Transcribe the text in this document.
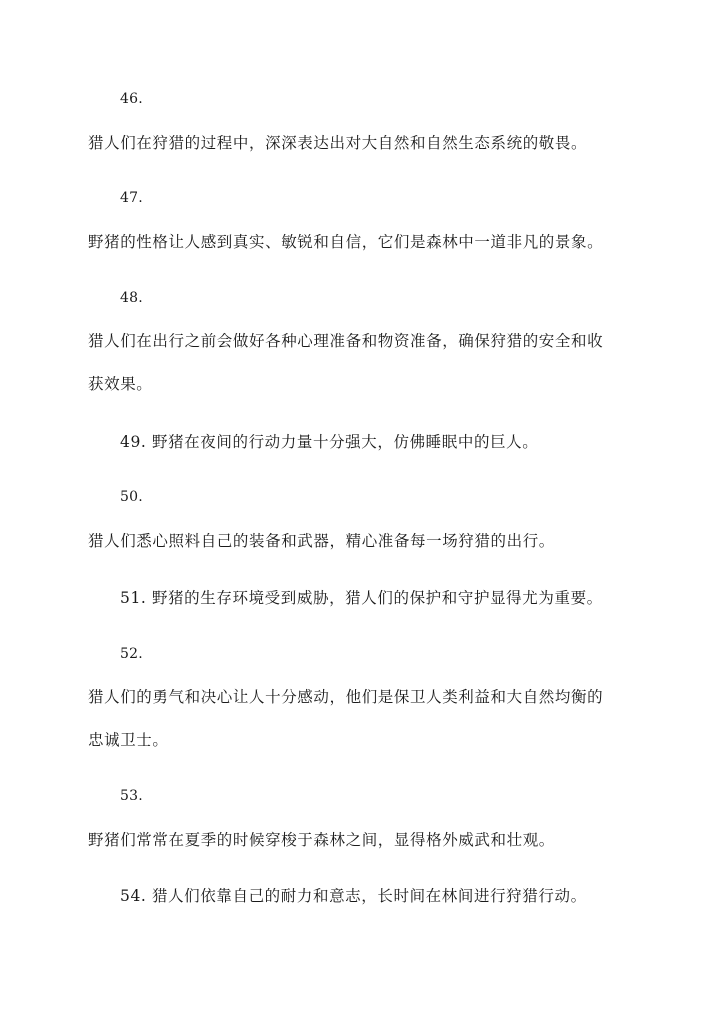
46.
猎人们在狩猎的过程中，深深表达出对大自然和自然生态系统的敬畏。
47.
野猪的性格让人感到真实、敏锐和自信，它们是森林中一道非凡的景象。
48.
猎人们在出行之前会做好各种心理准备和物资准备，确保狩猎的安全和收
获效果。
49. 野猪在夜间的行动力量十分强大，仿佛睡眠中的巨人。
50.
猎人们悉心照料自己的装备和武器，精心准备每一场狩猎的出行。
51. 野猪的生存环境受到威胁，猎人们的保护和守护显得尤为重要。
52.
猎人们的勇气和决心让人十分感动，他们是保卫人类利益和大自然均衡的
忠诚卫士。
53.
野猪们常常在夏季的时候穿梭于森林之间，显得格外威武和壮观。
54. 猎人们依靠自己的耐力和意志，长时间在林间进行狩猎行动。
